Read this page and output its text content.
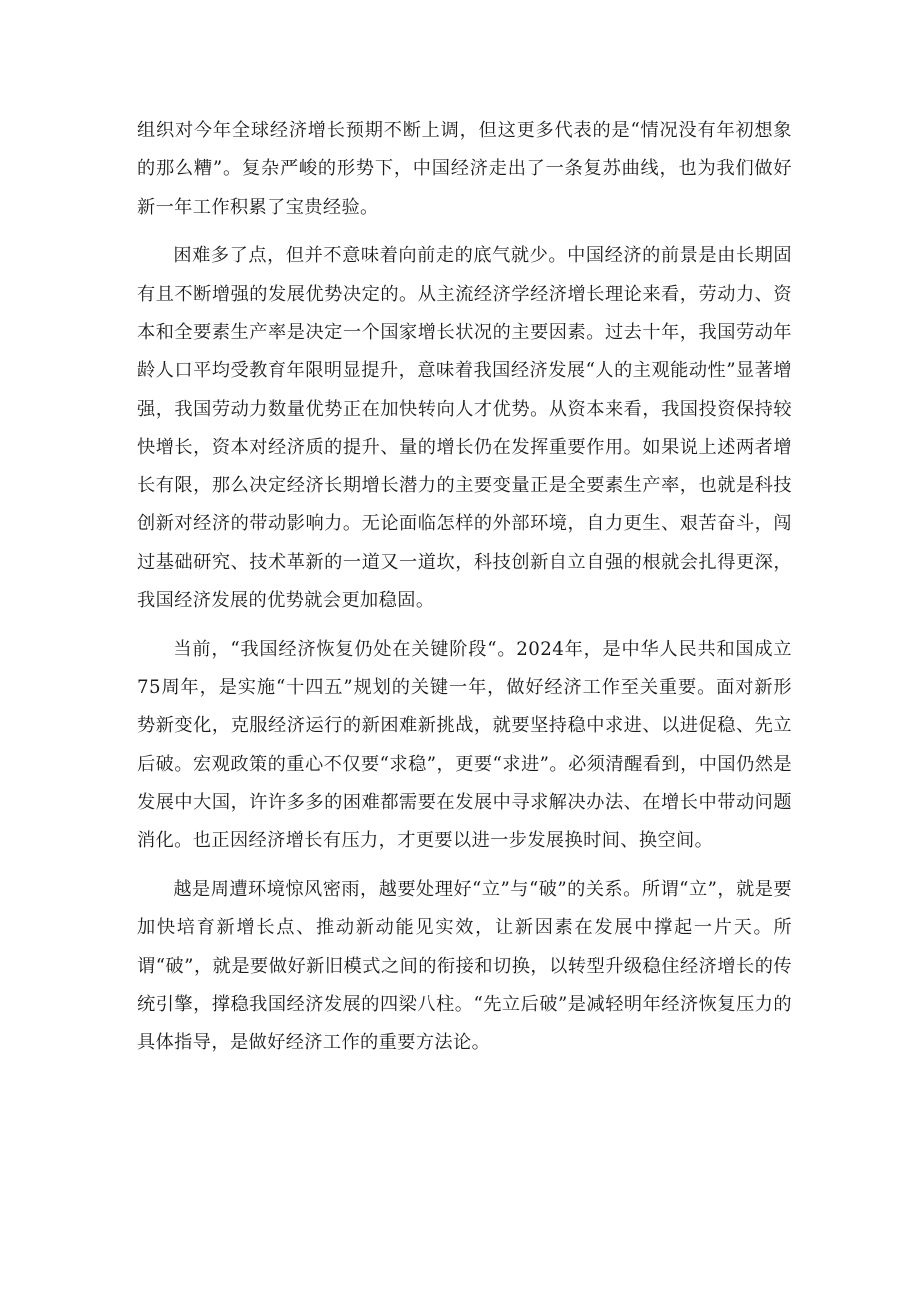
组织对今年全球经济增长预期不断上调，但这更多代表的是“情况没有年初想象的那么糟”。复杂严峻的形势下，中国经济走出了一条复苏曲线，也为我们做好新一年工作积累了宝贵经验。

困难多了点，但并不意味着向前走的底气就少。中国经济的前景是由长期固有且不断增强的发展优势决定的。从主流经济学经济增长理论来看，劳动力、资本和全要素生产率是决定一个国家增长状况的主要因素。过去十年，我国劳动年龄人口平均受教育年限明显提升，意味着我国经济发展“人的主观能动性”显著增强，我国劳动力数量优势正在加快转向人才优势。从资本来看，我国投资保持较快增长，资本对经济质的提升、量的增长仍在发挥重要作用。如果说上述两者增长有限，那么决定经济长期增长潜力的主要变量正是全要素生产率，也就是科技创新对经济的带动影响力。无论面临怎样的外部环境，自力更生、艰苦奋斗，闯过基础研究、技术革新的一道又一道坎，科技创新自立自强的根就会扎得更深，我国经济发展的优势就会更加稳固。

当前，“我国经济恢复仍处在关键阶段“。2024年，是中华人民共和国成立75周年，是实施“十四五”规划的关键一年，做好经济工作至关重要。面对新形势新变化，克服经济运行的新困难新挑战，就要坚持稳中求进、以进促稳、先立后破。宏观政策的重心不仅要“求稳”，更要“求进”。必须清醒看到，中国仍然是发展中大国，许许多多的困难都需要在发展中寻求解决办法、在增长中带动问题消化。也正因经济增长有压力，才更要以进一步发展换时间、换空间。

越是周遭环境惊风密雨，越要处理好“立”与“破”的关系。所谓“立”，就是要加快培育新增长点、推动新动能见实效，让新因素在发展中撑起一片天。所谓“破”，就是要做好新旧模式之间的衔接和切换，以转型升级稳住经济增长的传统引擎，撑稳我国经济发展的四梁八柱。“先立后破”是减轻明年经济恢复压力的具体指导，是做好经济工作的重要方法论。
